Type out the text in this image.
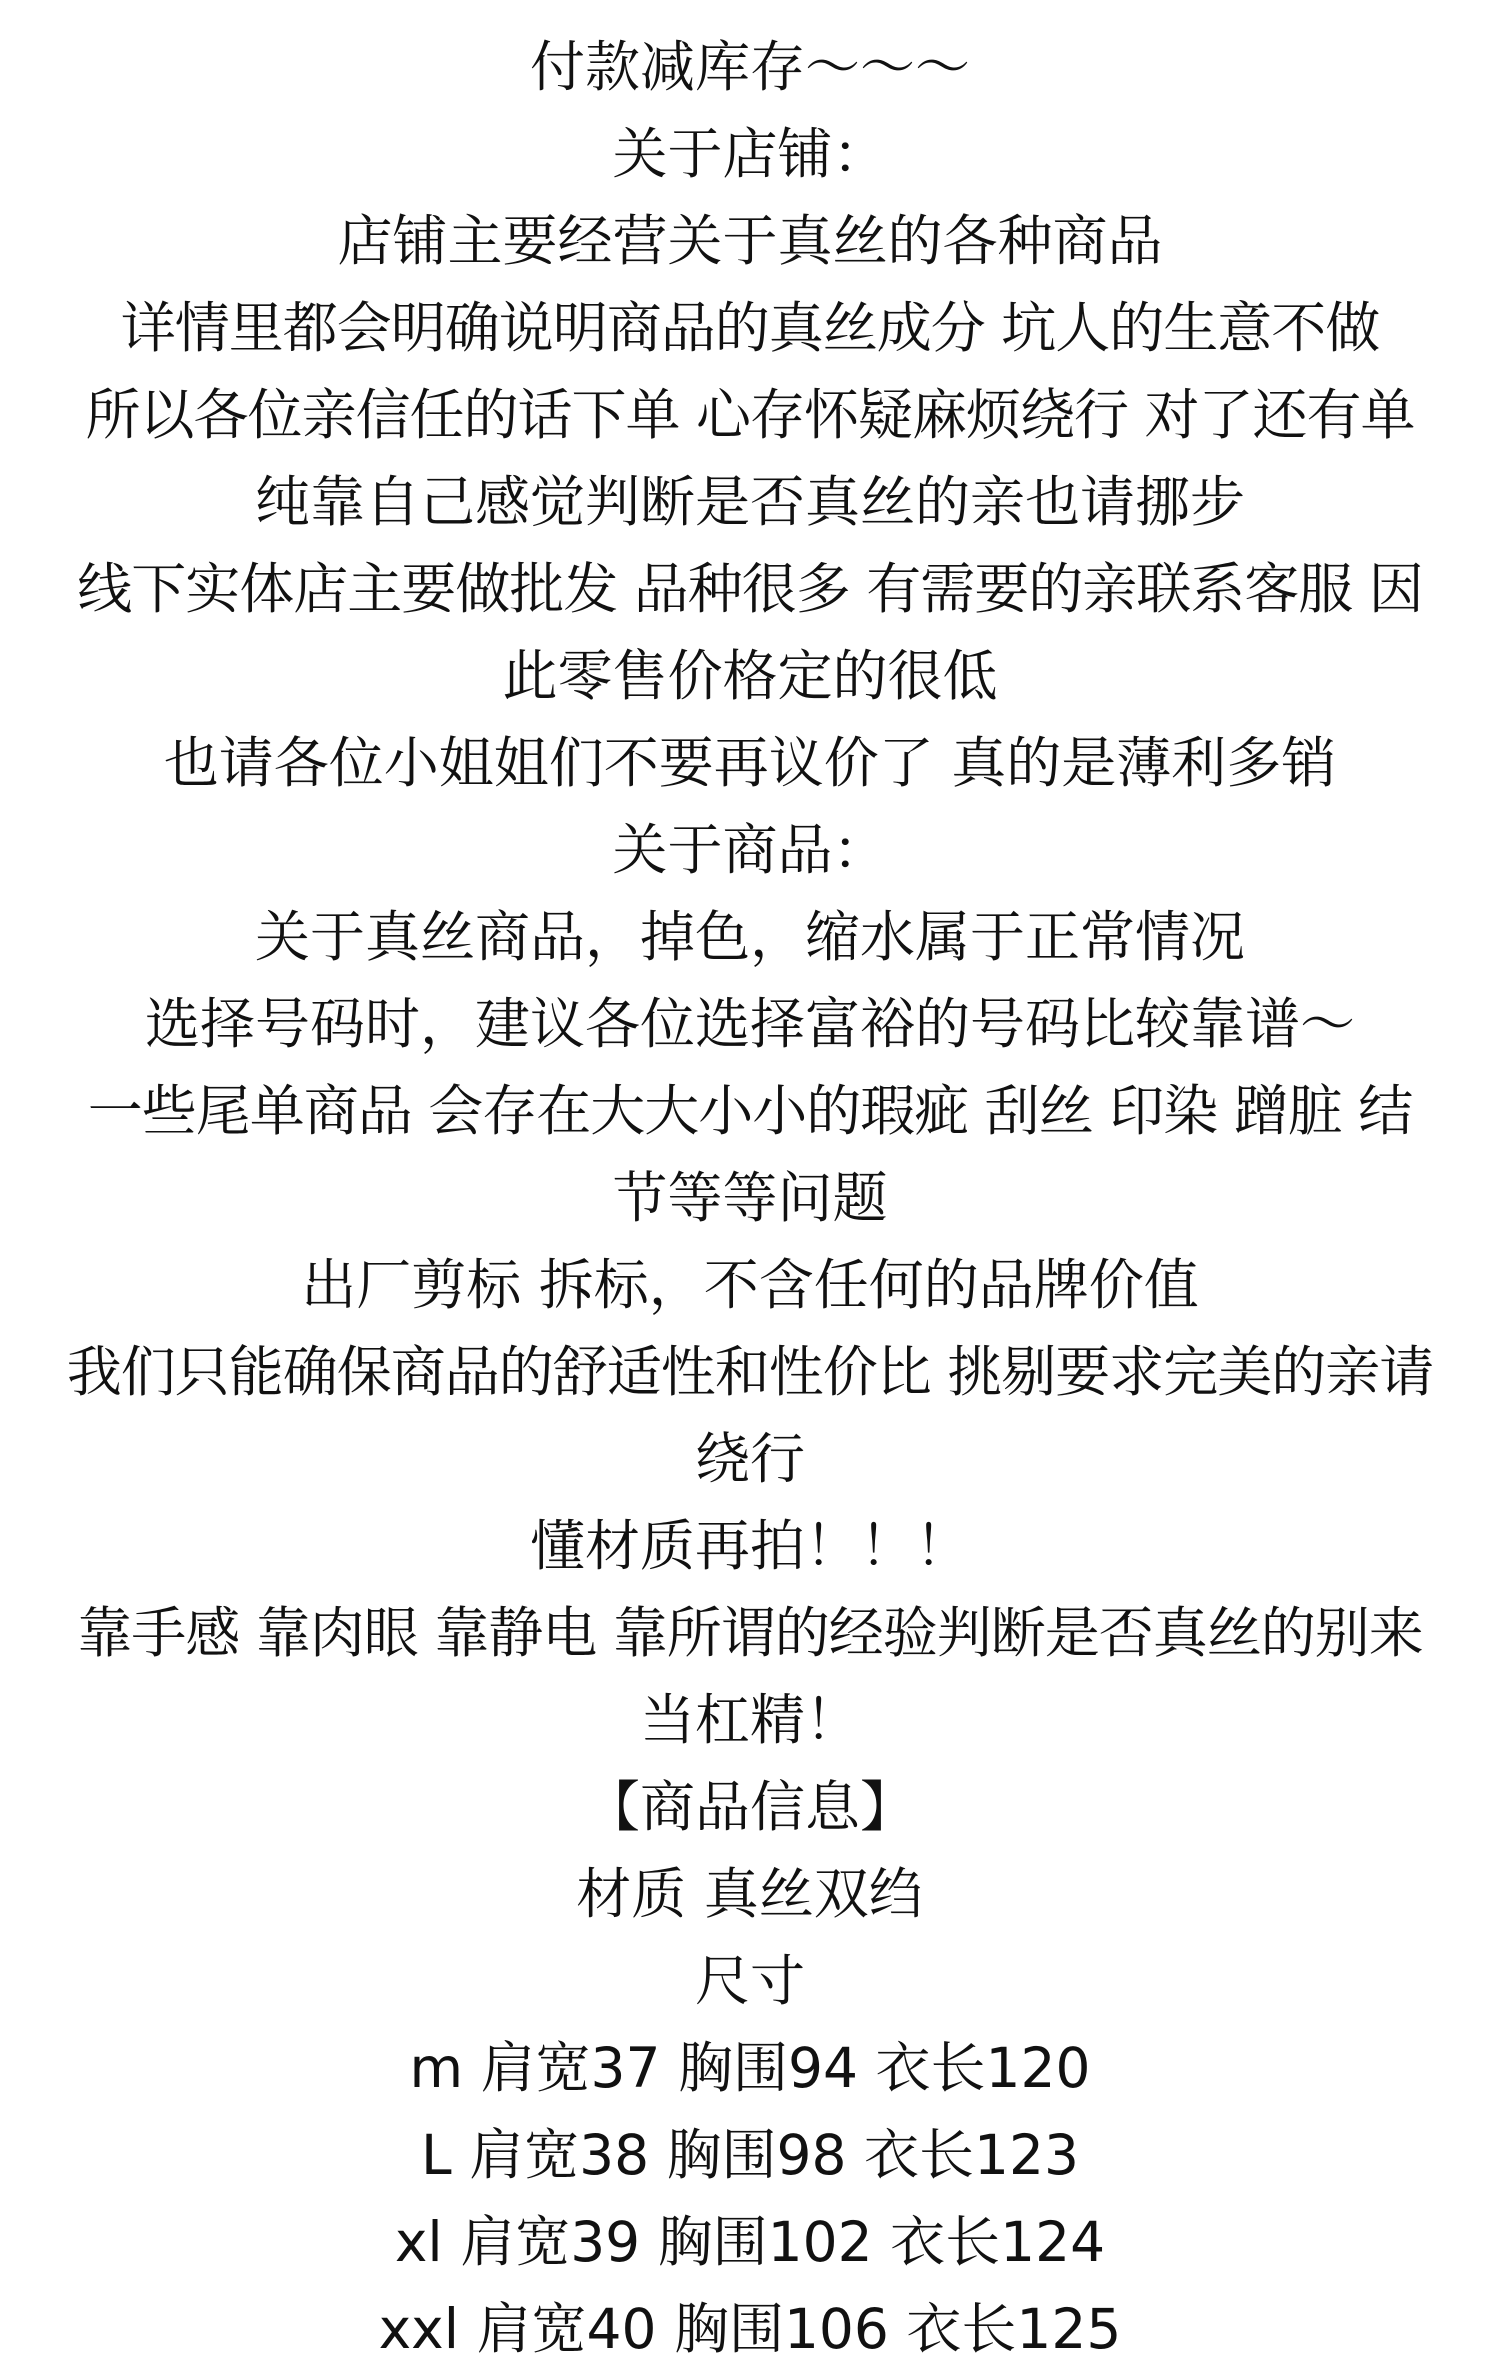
付款减库存～～～
关于店铺：
店铺主要经营关于真丝的各种商品
详情里都会明确说明商品的真丝成分 坑人的生意不做
所以各位亲信任的话下单 心存怀疑麻烦绕行 对了还有单
纯靠自己感觉判断是否真丝的亲也请挪步
线下实体店主要做批发 品种很多 有需要的亲联系客服 因
此零售价格定的很低
也请各位小姐姐们不要再议价了 真的是薄利多销
关于商品：
关于真丝商品，掉色，缩水属于正常情况
选择号码时，建议各位选择富裕的号码比较靠谱～
一些尾单商品 会存在大大小小的瑕疵 刮丝 印染 蹭脏 结
节等等问题
出厂剪标 拆标，不含任何的品牌价值
我们只能确保商品的舒适性和性价比 挑剔要求完美的亲请
绕行
懂材质再拍！！！
靠手感 靠肉眼 靠静电 靠所谓的经验判断是否真丝的别来
当杠精！
【商品信息】
材质 真丝双绉
尺寸
m 肩宽37 胸围94 衣长120
L 肩宽38 胸围98 衣长123
xl 肩宽39 胸围102 衣长124
xxl 肩宽40 胸围106 衣长125
